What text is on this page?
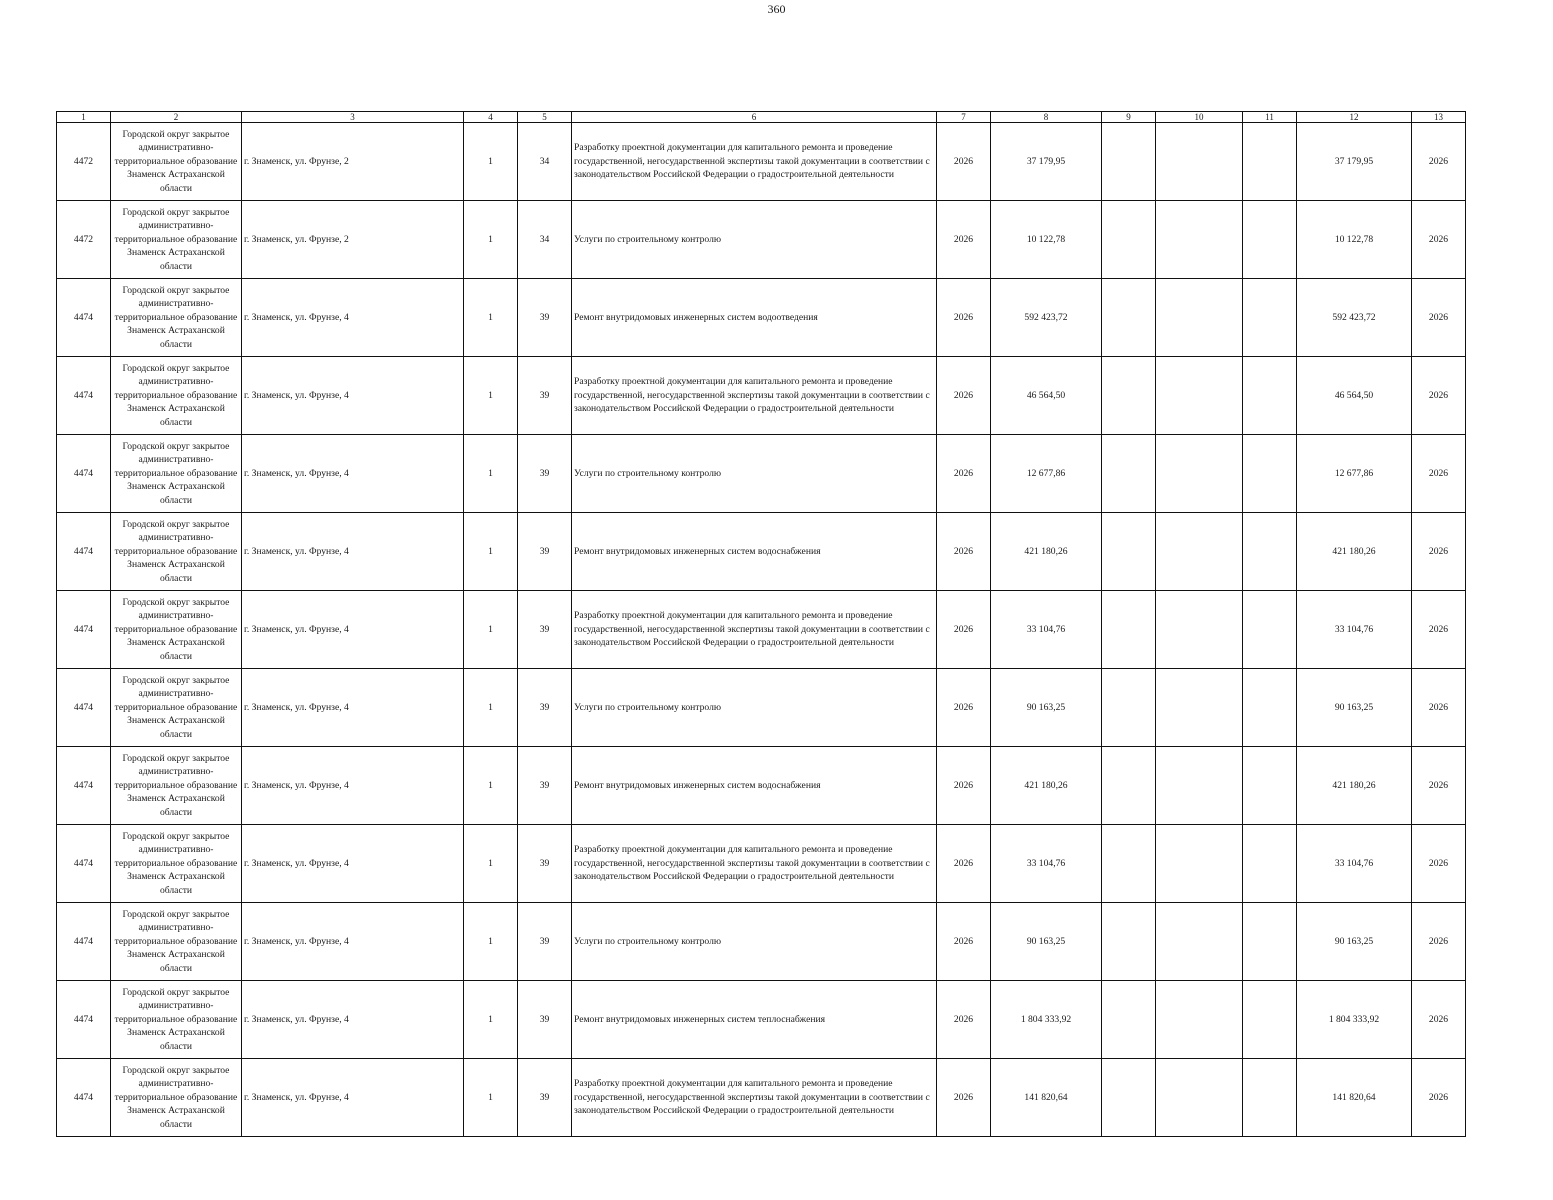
360
1	2	3	4	5	6	7	8	9	10	11	12	13
4472	Городской округ закрытое административно-территориальное образование Знаменск Астраханской области	г. Знаменск, ул. Фрунзе, 2	1	34	Разработку проектной документации для капитального ремонта и проведение государственной, негосударственной экспертизы такой документации в соответствии с законодательством Российской Федерации о градостроительной деятельности	2026	37 179,95				37 179,95	2026
4472	Городской округ закрытое административно-территориальное образование Знаменск Астраханской области	г. Знаменск, ул. Фрунзе, 2	1	34	Услуги по строительному контролю	2026	10 122,78				10 122,78	2026
4474	Городской округ закрытое административно-территориальное образование Знаменск Астраханской области	г. Знаменск, ул. Фрунзе, 4	1	39	Ремонт внутридомовых инженерных систем водоотведения	2026	592 423,72				592 423,72	2026
4474	Городской округ закрытое административно-территориальное образование Знаменск Астраханской области	г. Знаменск, ул. Фрунзе, 4	1	39	Разработку проектной документации для капитального ремонта и проведение государственной, негосударственной экспертизы такой документации в соответствии с законодательством Российской Федерации о градостроительной деятельности	2026	46 564,50				46 564,50	2026
4474	Городской округ закрытое административно-территориальное образование Знаменск Астраханской области	г. Знаменск, ул. Фрунзе, 4	1	39	Услуги по строительному контролю	2026	12 677,86				12 677,86	2026
4474	Городской округ закрытое административно-территориальное образование Знаменск Астраханской области	г. Знаменск, ул. Фрунзе, 4	1	39	Ремонт внутридомовых инженерных систем водоснабжения	2026	421 180,26				421 180,26	2026
4474	Городской округ закрытое административно-территориальное образование Знаменск Астраханской области	г. Знаменск, ул. Фрунзе, 4	1	39	Разработку проектной документации для капитального ремонта и проведение государственной, негосударственной экспертизы такой документации в соответствии с законодательством Российской Федерации о градостроительной деятельности	2026	33 104,76				33 104,76	2026
4474	Городской округ закрытое административно-территориальное образование Знаменск Астраханской области	г. Знаменск, ул. Фрунзе, 4	1	39	Услуги по строительному контролю	2026	90 163,25				90 163,25	2026
4474	Городской округ закрытое административно-территориальное образование Знаменск Астраханской области	г. Знаменск, ул. Фрунзе, 4	1	39	Ремонт внутридомовых инженерных систем водоснабжения	2026	421 180,26				421 180,26	2026
4474	Городской округ закрытое административно-территориальное образование Знаменск Астраханской области	г. Знаменск, ул. Фрунзе, 4	1	39	Разработку проектной документации для капитального ремонта и проведение государственной, негосударственной экспертизы такой документации в соответствии с законодательством Российской Федерации о градостроительной деятельности	2026	33 104,76				33 104,76	2026
4474	Городской округ закрытое административно-территориальное образование Знаменск Астраханской области	г. Знаменск, ул. Фрунзе, 4	1	39	Услуги по строительному контролю	2026	90 163,25				90 163,25	2026
4474	Городской округ закрытое административно-территориальное образование Знаменск Астраханской области	г. Знаменск, ул. Фрунзе, 4	1	39	Ремонт внутридомовых инженерных систем теплоснабжения	2026	1 804 333,92				1 804 333,92	2026
4474	Городской округ закрытое административно-территориальное образование Знаменск Астраханской области	г. Знаменск, ул. Фрунзе, 4	1	39	Разработку проектной документации для капитального ремонта и проведение государственной, негосударственной экспертизы такой документации в соответствии с законодательством Российской Федерации о градостроительной деятельности	2026	141 820,64				141 820,64	2026
